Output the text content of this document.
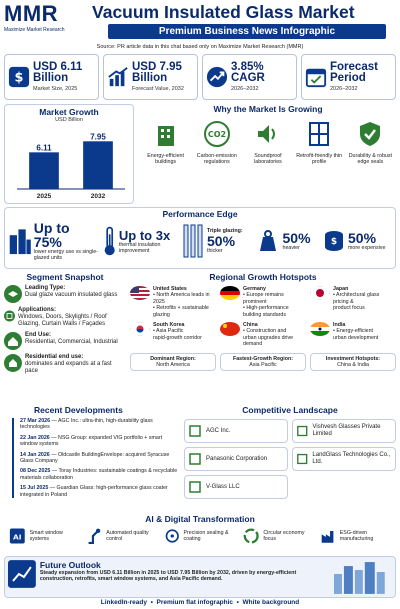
MMR
Maximize Market Research
Vacuum Insulated Glass Market
Premium Business News Infographic
Source: PR article data in this chat based only on Maximize Market Research (MMR)
$
USD 6.11 Billion
Market Size, 2025
USD 7.95 Billion
Forecast Value, 2032
3.85% CAGR
2026–2032
Forecast Period
2026–2032
Market Growth
USD Billion
6.11
2025
7.95
2032
Why the Market Is Growing
Energy-efficient buildings
CO2
Carbon-emission regulations
Soundproof laboratories
Retrofit-friendly thin profile
Durability & robust edge seals
Performance Edge
Up to 75%
lower energy use vs single-glazed units
Up to 3x
thermal insulation improvement
Triple glazing:
50%
thicker
50%
heavier
$ 50%
more expensive
Segment Snapshot
Leading Type:
Dual glaze vacuum insulated glass
Applications:
Windows, Doors, Skylights / Roof Glazing, Curtain Walls / Façades
End Use:
Residential, Commercial, Industrial
Residential end use:
dominates and expands at a fast pace
Regional Growth Hotspots
United States
• North America leads in 2025
• Retrofits + sustainable glazing
Germany
• Europe remains prominent
• High-performance building standards
Japan
• Architectural glass pricing &
product focus
South Korea
• Asia Pacific
rapid-growth corridor
China
• Construction and
urban upgrades drive demand
India
• Energy-efficient
urban development
Dominant Region:
North America
Fastest-Growth Region:
Asia Pacific
Investment Hotspots:
China & India
Recent Developments
27 Mar 2026 — AGC Inc.: ultra-thin, high-durability glass technologies
22 Jan 2026 — NSG Group: expanded VIG portfolio + smart window systems
14 Jan 2026 — Oldcastle BuildingEnvelope: acquired Syracuse Glass Company
08 Dec 2025 — Toray Industries: sustainable coatings & recyclable materials collaboration
15 Jul 2025 — Guardian Glass: high-performance glass coater integrated in Poland
Competitive Landscape
AGC Inc.
Vishvesh Glasses Private Limited
Panasonic Corporation
LandGlass Technologies Co., Ltd.
V-Glass LLC
AI & Digital Transformation
AI
Smart window systems
Automated quality control
Precision sealing & coating
Circular economy focus
ESG-driven manufacturing
Future Outlook
Steady expansion from USD 6.11 Billion in 2025 to USD 7.95 Billion by 2032, driven by energy-efficient construction, retrofits, smart window systems, and Asia Pacific demand.
LinkedIn-ready  •  Premium flat infographic  •  White background
